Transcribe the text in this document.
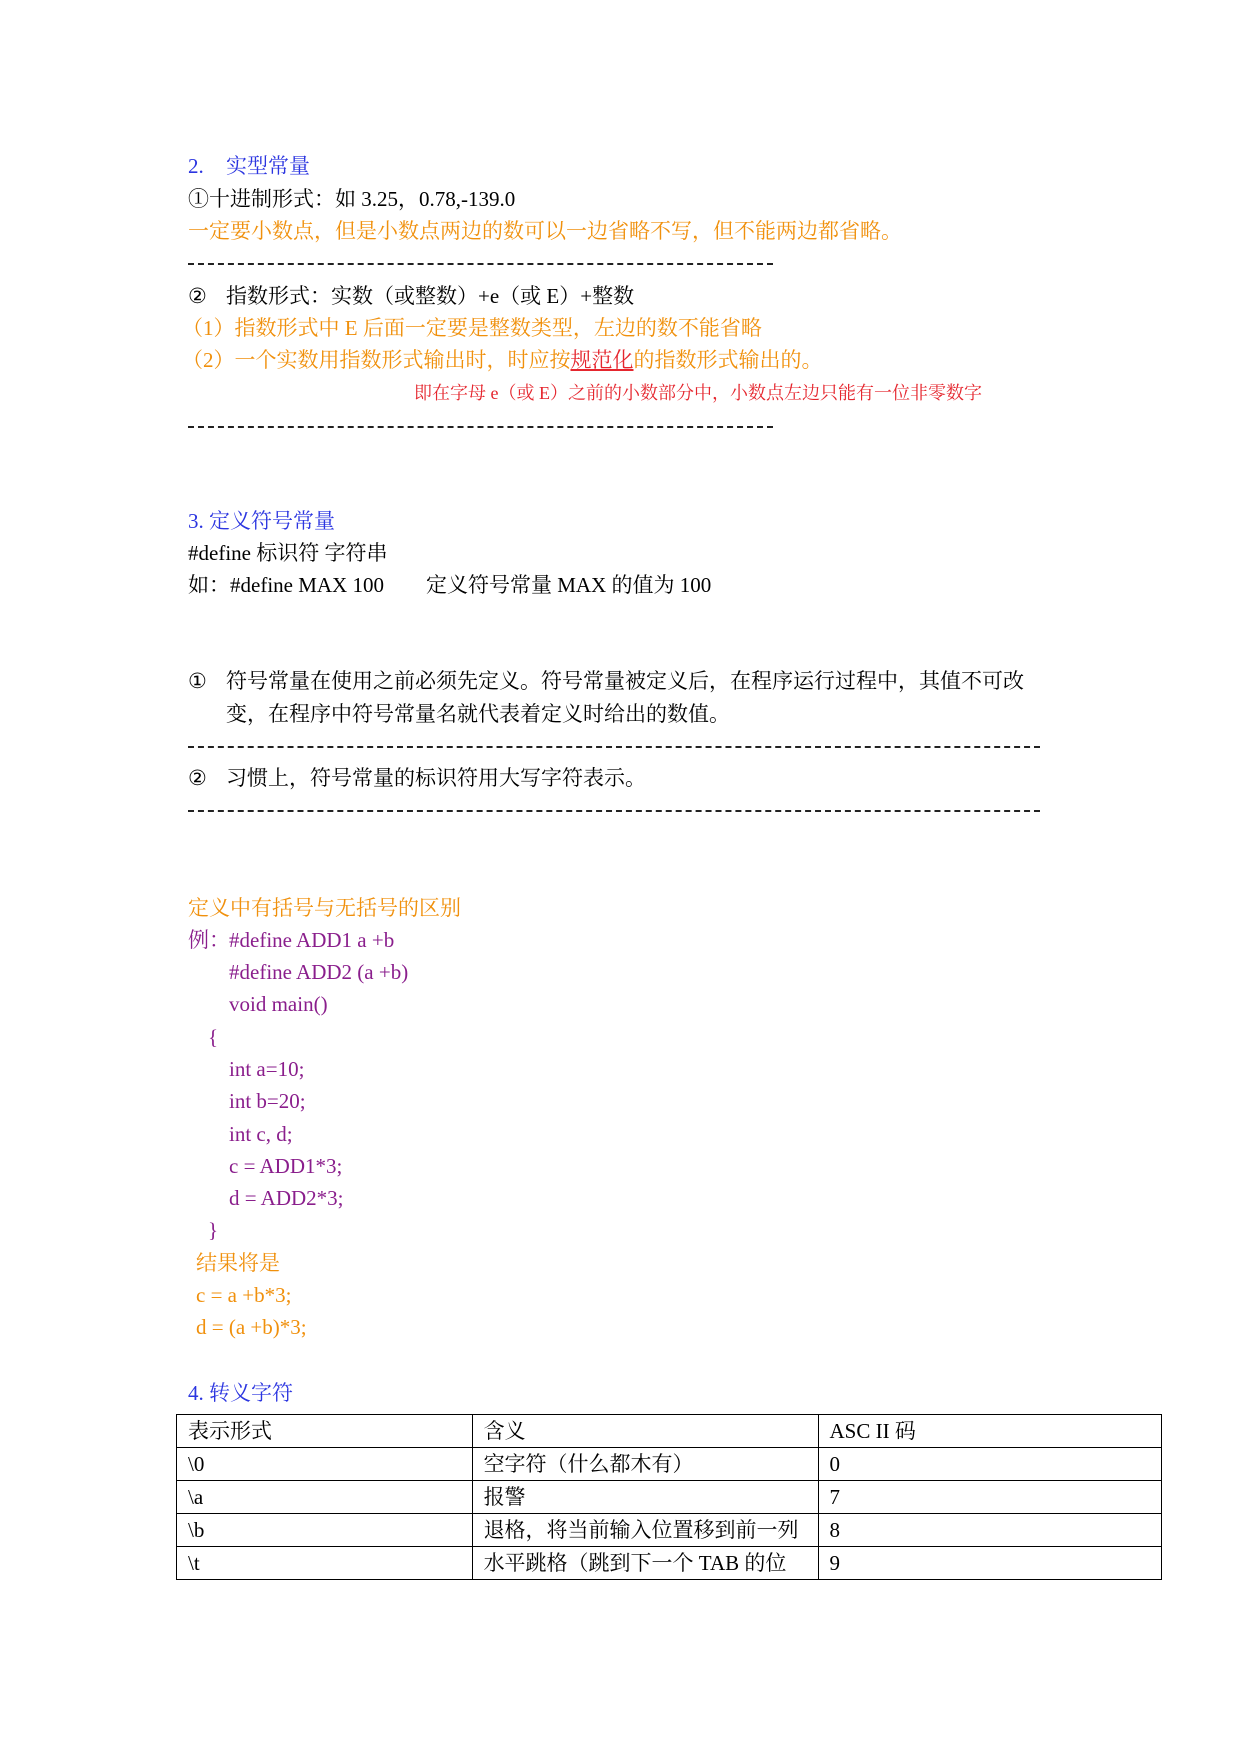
2. 实型常量
①十进制形式：如 3.25，0.78,-139.0
一定要小数点，但是小数点两边的数可以一边省略不写，但不能两边都省略。
② 指数形式：实数（或整数）+e（或 E）+整数
（1）指数形式中 E 后面一定要是整数类型，左边的数不能省略
（2）一个实数用指数形式输出时，时应按规范化的指数形式输出的。
即在字母 e（或 E）之前的小数部分中，小数点左边只能有一位非零数字
3. 定义符号常量
#define 标识符 字符串
如：#define MAX 100        定义符号常量 MAX 的值为 100
① 符号常量在使用之前必须先定义。符号常量被定义后，在程序运行过程中，其值不可改
变，在程序中符号常量名就代表着定义时给出的数值。
② 习惯上，符号常量的标识符用大写字符表示。
定义中有括号与无括号的区别
例： #define ADD1 a +b
#define ADD2 (a +b)
void main()
{
int a=10;
int b=20;
int c, d;
c = ADD1*3;
d = ADD2*3;
}
结果将是
c = a +b*3;
d = (a +b)*3;
4. 转义字符
表示形式	含义	ASC II 码
\0	空字符（什么都木有）	0
\a	报警	7
\b	退格，将当前输入位置移到前一列	8
\t	水平跳格（跳到下一个 TAB 的位	9
